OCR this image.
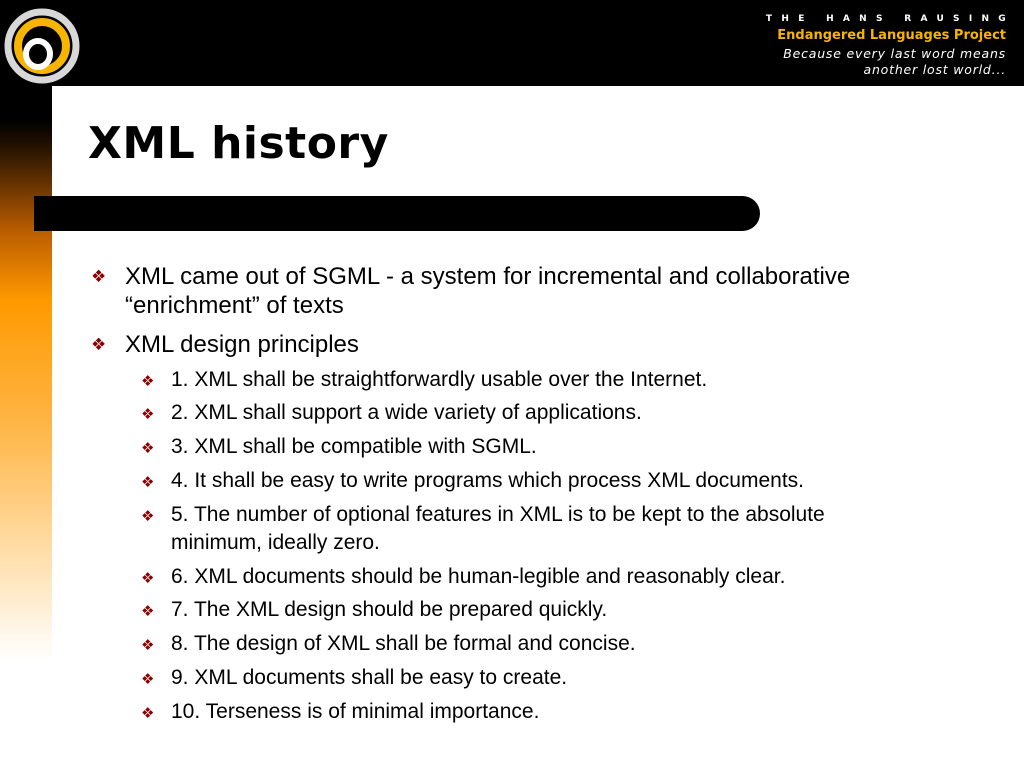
THE HANS RAUSING
Endangered Languages Project
Because every last word means
another lost world...
XML history
❖ XML came out of SGML - a system for incremental and collaborative
“enrichment” of texts
❖ XML design principles
❖ 1. XML shall be straightforwardly usable over the Internet.
❖ 2. XML shall support a wide variety of applications.
❖ 3. XML shall be compatible with SGML.
❖ 4. It shall be easy to write programs which process XML documents.
❖ 5. The number of optional features in XML is to be kept to the absolute
minimum, ideally zero.
❖ 6. XML documents should be human-legible and reasonably clear.
❖ 7. The XML design should be prepared quickly.
❖ 8. The design of XML shall be formal and concise.
❖ 9. XML documents shall be easy to create.
❖ 10. Terseness is of minimal importance.
